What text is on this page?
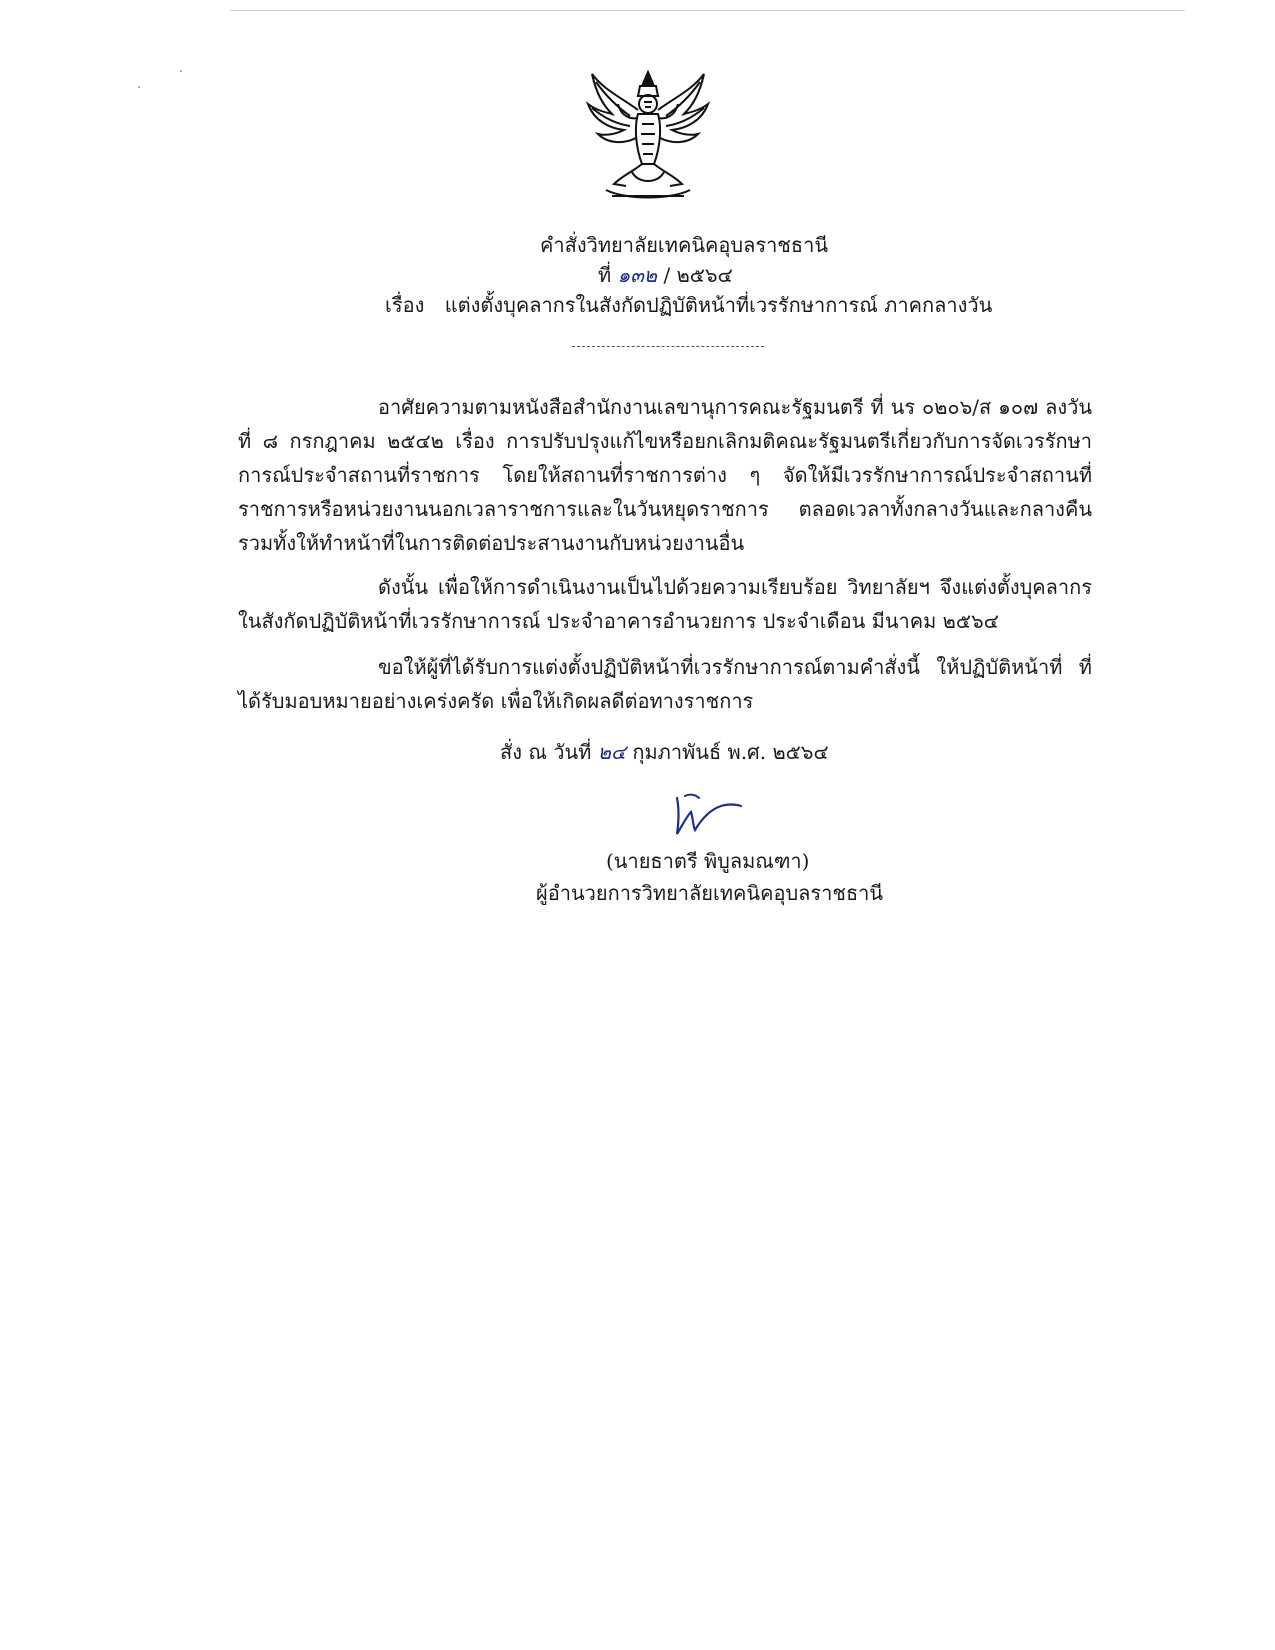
คำสั่งวิทยาลัยเทคนิคอุบลราชธานี
ที่ ๑๓๒ / ๒๕๖๔
เรื่อง แต่งตั้งบุคลากรในสังกัดปฏิบัติหน้าที่เวรรักษาการณ์ ภาคกลางวัน

อาศัยความตามหนังสือสำนักงานเลขานุการคณะรัฐมนตรี ที่ นร ๐๒๐๖/ส ๑๐๗ ลงวันที่ ๘ กรกฎาคม ๒๕๔๒ เรื่อง การปรับปรุงแก้ไขหรือยกเลิกมติคณะรัฐมนตรีเกี่ยวกับการจัดเวรรักษาการณ์ประจำสถานที่ราชการ โดยให้สถานที่ราชการต่าง ๆ จัดให้มีเวรรักษาการณ์ประจำสถานที่ราชการหรือหน่วยงานนอกเวลาราชการและในวันหยุดราชการ ตลอดเวลาทั้งกลางวันและกลางคืน รวมทั้งให้ทำหน้าที่ในการติดต่อประสานงานกับหน่วยงานอื่น

ดังนั้น เพื่อให้การดำเนินงานเป็นไปด้วยความเรียบร้อย วิทยาลัยฯ จึงแต่งตั้งบุคลากรในสังกัดปฏิบัติหน้าที่เวรรักษาการณ์ ประจำอาคารอำนวยการ ประจำเดือน มีนาคม ๒๕๖๔

ขอให้ผู้ที่ได้รับการแต่งตั้งปฏิบัติหน้าที่เวรรักษาการณ์ตามคำสั่งนี้ ให้ปฏิบัติหน้าที่ ที่ได้รับมอบหมายอย่างเคร่งครัด เพื่อให้เกิดผลดีต่อทางราชการ

สั่ง ณ วันที่ ๒๔ กุมภาพันธ์ พ.ศ. ๒๕๖๔
(นายธาตรี พิบูลมณฑา)
ผู้อำนวยการวิทยาลัยเทคนิคอุบลราชธานี
